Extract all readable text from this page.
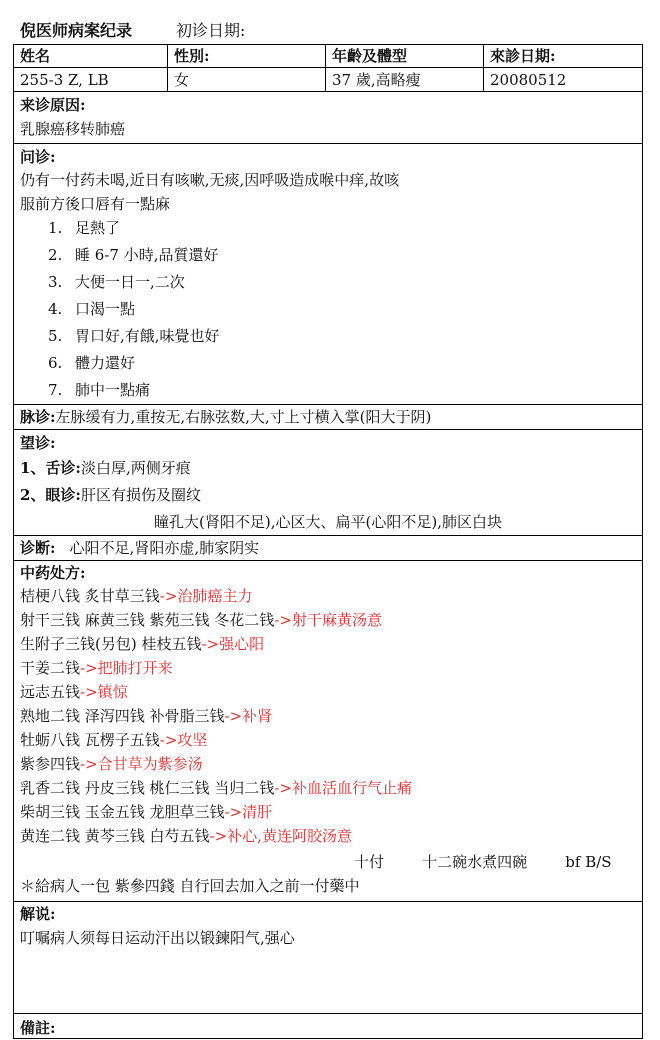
倪医师病案纪录	初诊日期:
姓名	性別:	年齡及體型	來診日期:
255-3 Z, LB	女	37 歲,高略瘦	20080512
来诊原因:
乳腺癌移转肺癌
问诊:
仍有一付药未喝,近日有咳嗽,无痰,因呼吸造成喉中痒,故咳
服前方後口唇有一點麻
1. 足熱了
2. 睡 6-7 小時,品質還好
3. 大便一日一,二次
4. 口渴一點
5. 胃口好,有餓,味覺也好
6. 體力還好
7. 肺中一點痛
脉诊:左脉缓有力,重按无,右脉弦数,大,寸上寸横入掌(阳大于阴)
望诊:
1、舌诊:淡白厚,两侧牙痕
2、眼诊:肝区有损伤及圈纹
瞳孔大(肾阳不足),心区大、扁平(心阳不足),肺区白块
诊断: 心阳不足,肾阳亦虚,肺家阴实
中药处方:
桔梗八钱 炙甘草三钱->治肺癌主力
射干三钱 麻黄三钱 紫苑三钱 冬花二钱->射干麻黄汤意
生附子三钱(另包) 桂枝五钱->强心阳
干姜二钱->把肺打开来
远志五钱->镇惊
熟地二钱 泽泻四钱 补骨脂三钱->补肾
牡蛎八钱 瓦楞子五钱->攻坚
紫参四钱->合甘草为紫参汤
乳香二钱 丹皮三钱 桃仁三钱 当归二钱->补血活血行气止痛
柴胡三钱 玉金五钱 龙胆草三钱->清肝
黄连二钱 黄芩三钱 白芍五钱->补心,黄连阿胶汤意
十付        十二碗水煮四碗        bf B/S
＊給病人一包 紫參四錢 自行回去加入之前一付藥中
解说:
叮嘱病人须每日运动汗出以锻鍊阳气,强心
備註:
